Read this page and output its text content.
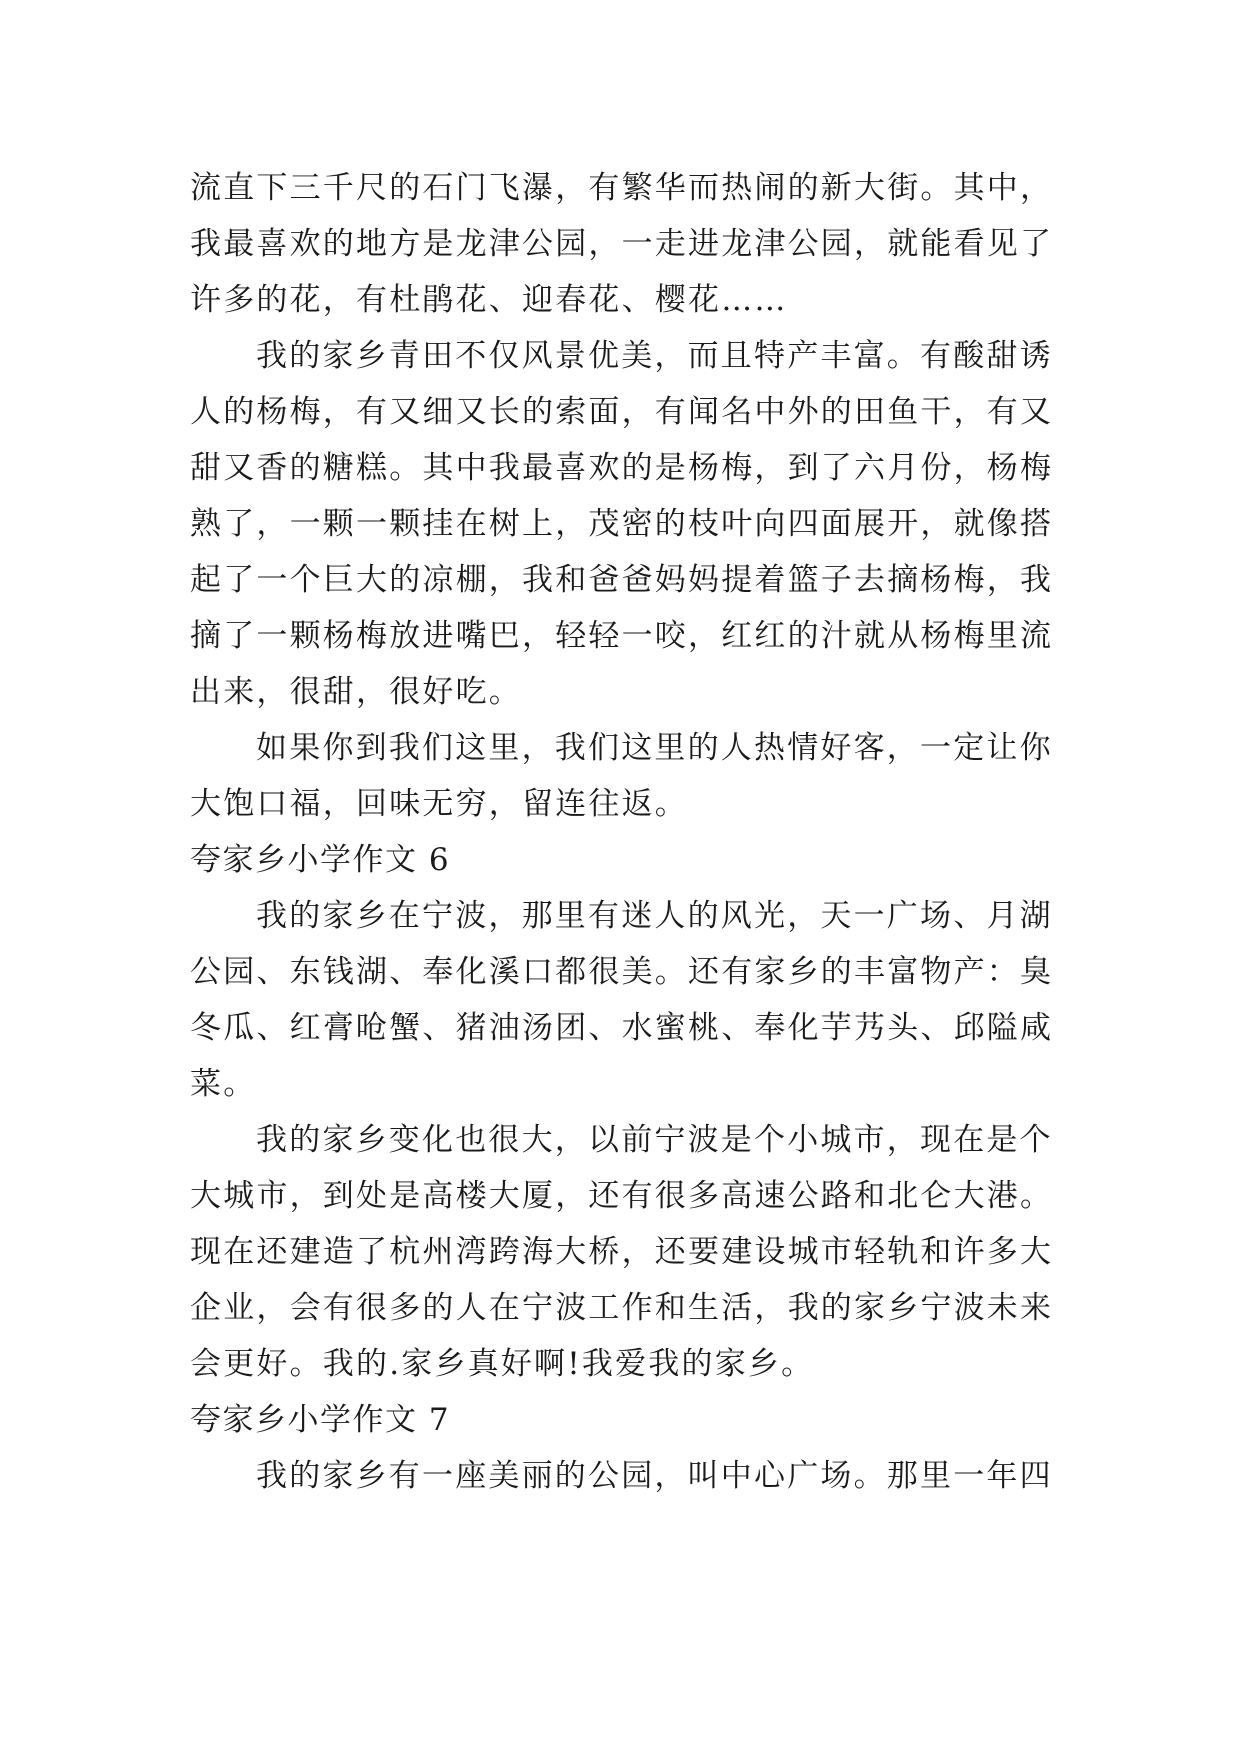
流直下三千尺的石门飞瀑，有繁华而热闹的新大街。其中，
我最喜欢的地方是龙津公园，一走进龙津公园，就能看见了
许多的花，有杜鹃花、迎春花、樱花……
我的家乡青田不仅风景优美，而且特产丰富。有酸甜诱
人的杨梅，有又细又长的索面，有闻名中外的田鱼干，有又
甜又香的糖糕。其中我最喜欢的是杨梅，到了六月份，杨梅
熟了，一颗一颗挂在树上，茂密的枝叶向四面展开，就像搭
起了一个巨大的凉棚，我和爸爸妈妈提着篮子去摘杨梅，我
摘了一颗杨梅放进嘴巴，轻轻一咬，红红的汁就从杨梅里流
出来，很甜，很好吃。
如果你到我们这里，我们这里的人热情好客，一定让你
大饱口福，回味无穷，留连往返。
夸家乡小学作文 6
我的家乡在宁波，那里有迷人的风光，天一广场、月湖
公园、东钱湖、奉化溪口都很美。还有家乡的丰富物产：臭
冬瓜、红膏呛蟹、猪油汤团、水蜜桃、奉化芋艿头、邱隘咸
菜。
我的家乡变化也很大，以前宁波是个小城市，现在是个
大城市，到处是高楼大厦，还有很多高速公路和北仑大港。
现在还建造了杭州湾跨海大桥，还要建设城市轻轨和许多大
企业，会有很多的人在宁波工作和生活，我的家乡宁波未来
会更好。我的.家乡真好啊!我爱我的家乡。
夸家乡小学作文 7
我的家乡有一座美丽的公园，叫中心广场。那里一年四
